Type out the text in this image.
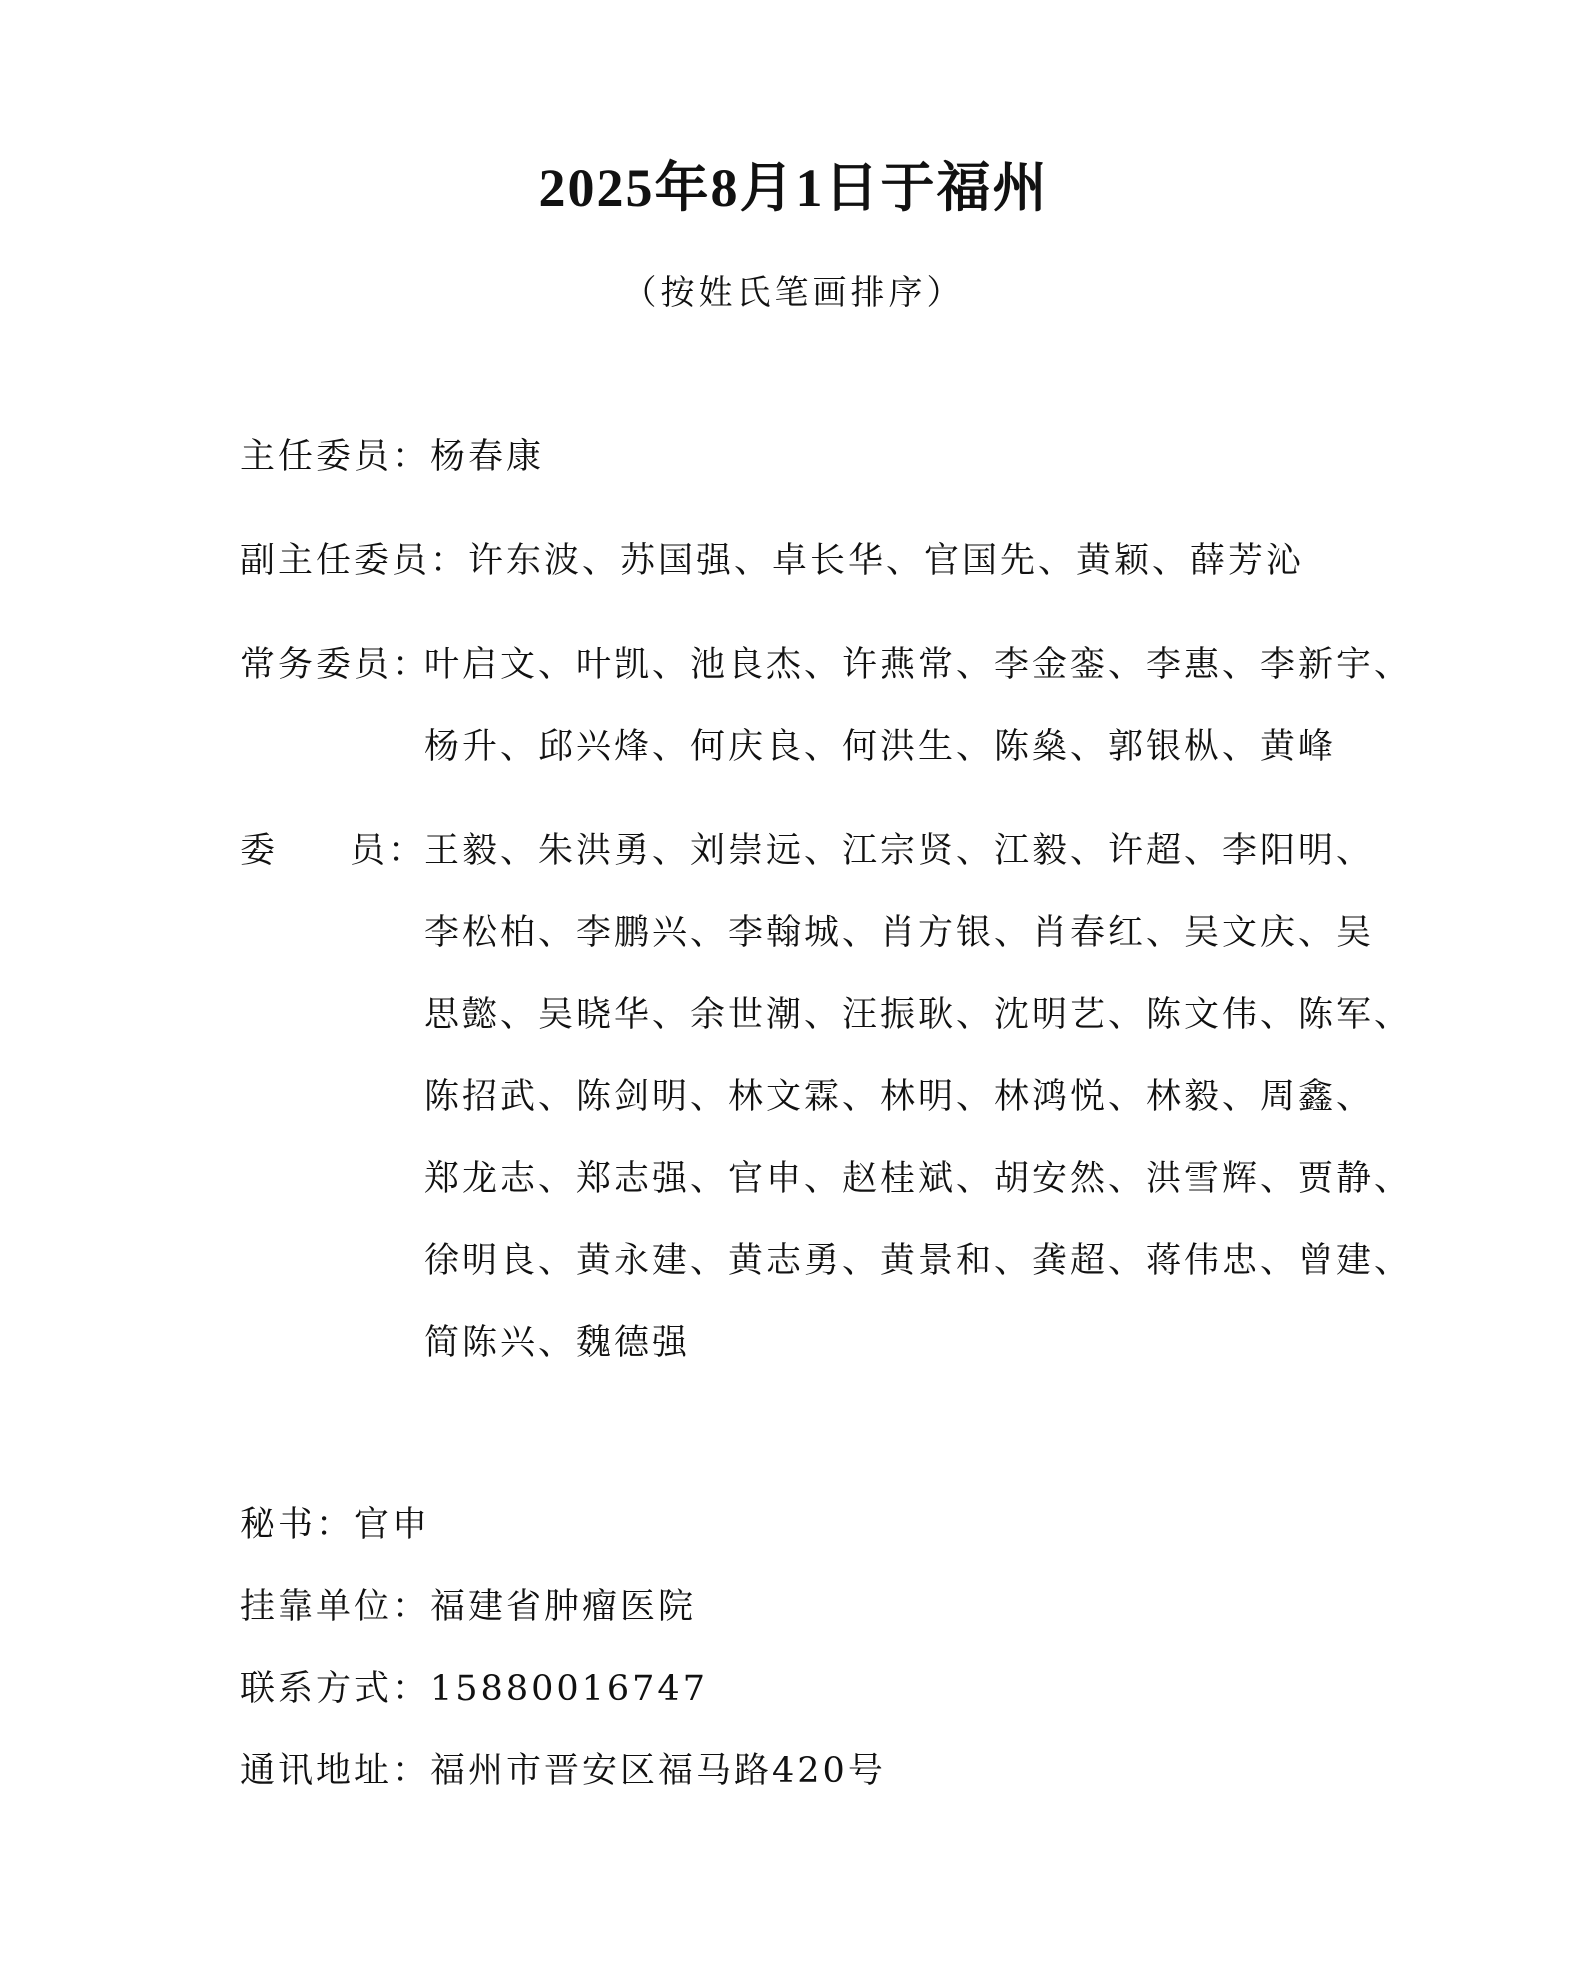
2025年8月1日于福州
（按姓氏笔画排序）
主任委员：杨春康
副主任委员：许东波、苏国强、卓长华、官国先、黄颖、薛芳沁
常务委员：
叶启文、叶凯、池良杰、许燕常、李金銮、李惠、李新宇、
杨升、邱兴烽、何庆良、何洪生、陈燊、郭银枞、黄峰
委 员：
王毅、朱洪勇、刘崇远、江宗贤、江毅、许超、李阳明、
李松柏、李鹏兴、李翰城、肖方银、肖春红、吴文庆、吴
思懿、吴晓华、余世潮、汪振耿、沈明艺、陈文伟、陈军、
陈招武、陈剑明、林文霖、林明、林鸿悦、林毅、周鑫、
郑龙志、郑志强、官申、赵桂斌、胡安然、洪雪辉、贾静、
徐明良、黄永建、黄志勇、黄景和、龚超、蒋伟忠、曾建、
简陈兴、魏德强
秘书：官申
挂靠单位：福建省肿瘤医院
联系方式：15880016747
通讯地址：福州市晋安区福马路420号
